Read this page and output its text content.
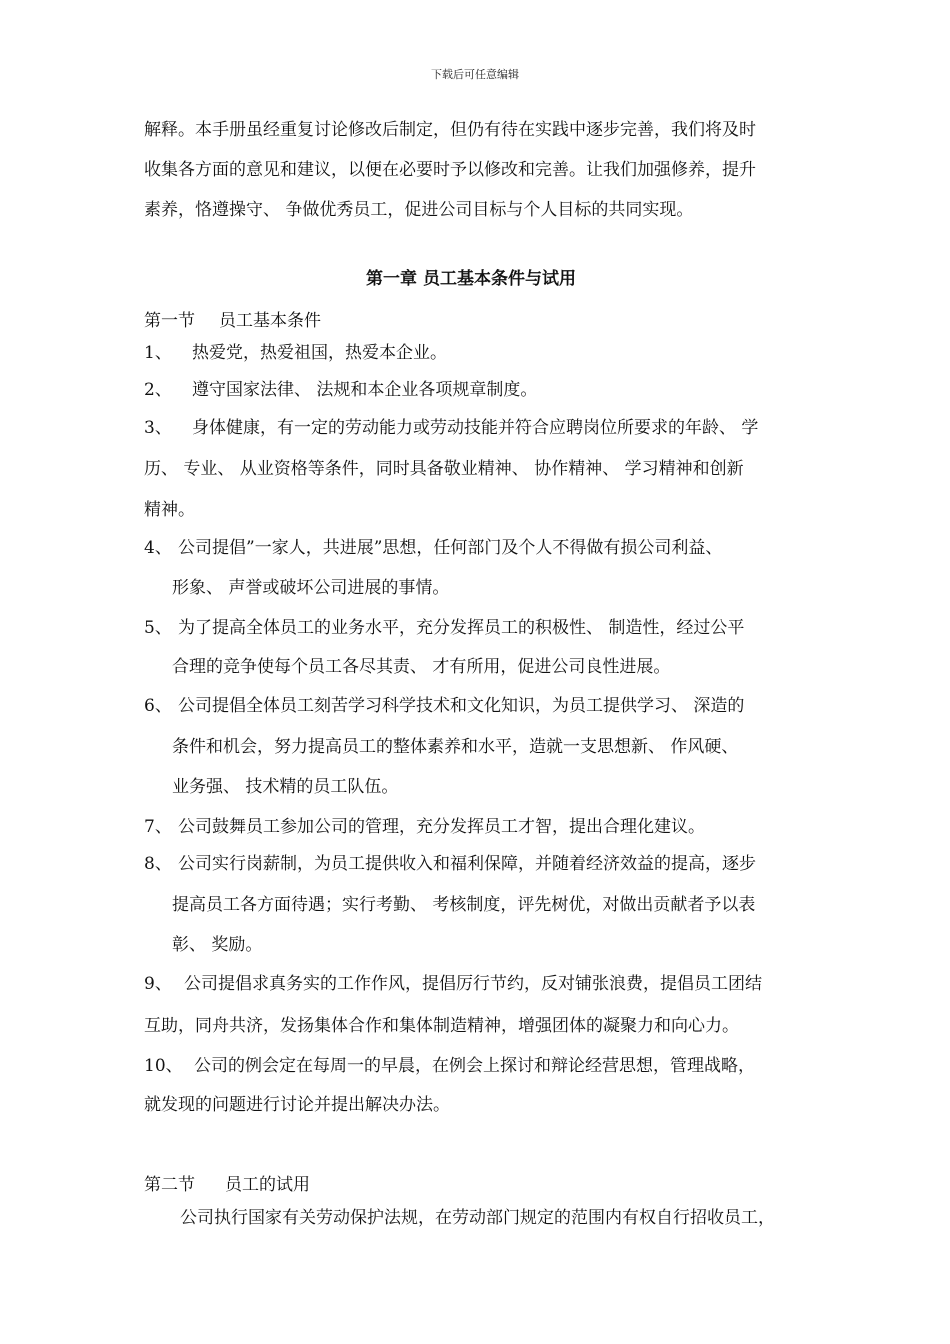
下载后可任意编辑
解释。本手册虽经重复讨论修改后制定，但仍有待在实践中逐步完善，我们将及时
收集各方面的意见和建议，以便在必要时予以修改和完善。让我们加强修养，提升
素养，恪遵操守、 争做优秀员工，促进公司目标与个人目标的共同实现。
第一章 员工基本条件与试用
第一节 员工基本条件
1、 热爱党，热爱祖国，热爱本企业。
2、 遵守国家法律、 法规和本企业各项规章制度。
3、 身体健康，有一定的劳动能力或劳动技能并符合应聘岗位所要求的年龄、 学
历、 专业、 从业资格等条件，同时具备敬业精神、 协作精神、 学习精神和创新
精神。
4、 公司提倡”一家人，共进展”思想，任何部门及个人不得做有损公司利益、
形象、 声誉或破坏公司进展的事情。
5、 为了提高全体员工的业务水平，充分发挥员工的积极性、 制造性，经过公平
合理的竞争使每个员工各尽其责、 才有所用，促进公司良性进展。
6、 公司提倡全体员工刻苦学习科学技术和文化知识，为员工提供学习、 深造的
条件和机会，努力提高员工的整体素养和水平，造就一支思想新、 作风硬、
业务强、 技术精的员工队伍。
7、 公司鼓舞员工参加公司的管理，充分发挥员工才智，提出合理化建议。
8、 公司实行岗薪制，为员工提供收入和福利保障，并随着经济效益的提高，逐步
提高员工各方面待遇；实行考勤、 考核制度，评先树优，对做出贡献者予以表
彰、 奖励。
9、 公司提倡求真务实的工作作风，提倡厉行节约，反对铺张浪费，提倡员工团结
互助，同舟共济，发扬集体合作和集体制造精神，增强团体的凝聚力和向心力。
10、 公司的例会定在每周一的早晨，在例会上探讨和辩论经营思想，管理战略，
就发现的问题进行讨论并提出解决办法。
第二节 员工的试用
公司执行国家有关劳动保护法规，在劳动部门规定的范围内有权自行招收员工，
